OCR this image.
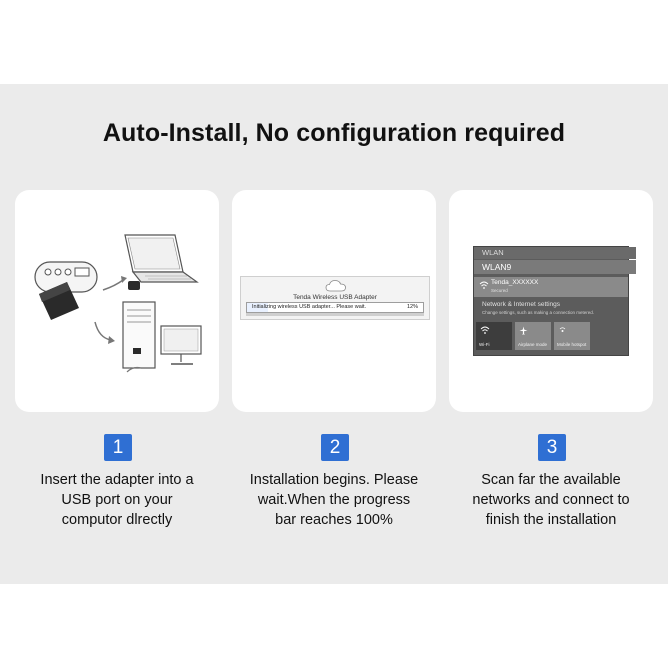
Auto-Install, No configuration required
Tenda Wireless USB Adapter
Initializing wireless USB adapter... Please wait.	12%
WLAN
WLAN9
Tenda_XXXXXX
Secured
Network & Internet settings
Change settings, such as making a connection metered.
Wi-Fi	Airplane mode Mobile hotspot
1	2	3
Insert the adapter into a
USB port on your
computor dlrectly
Installation begins. Please
wait.When the progress
bar reaches 100%
Scan far the available
networks and connect to
finish the installation
